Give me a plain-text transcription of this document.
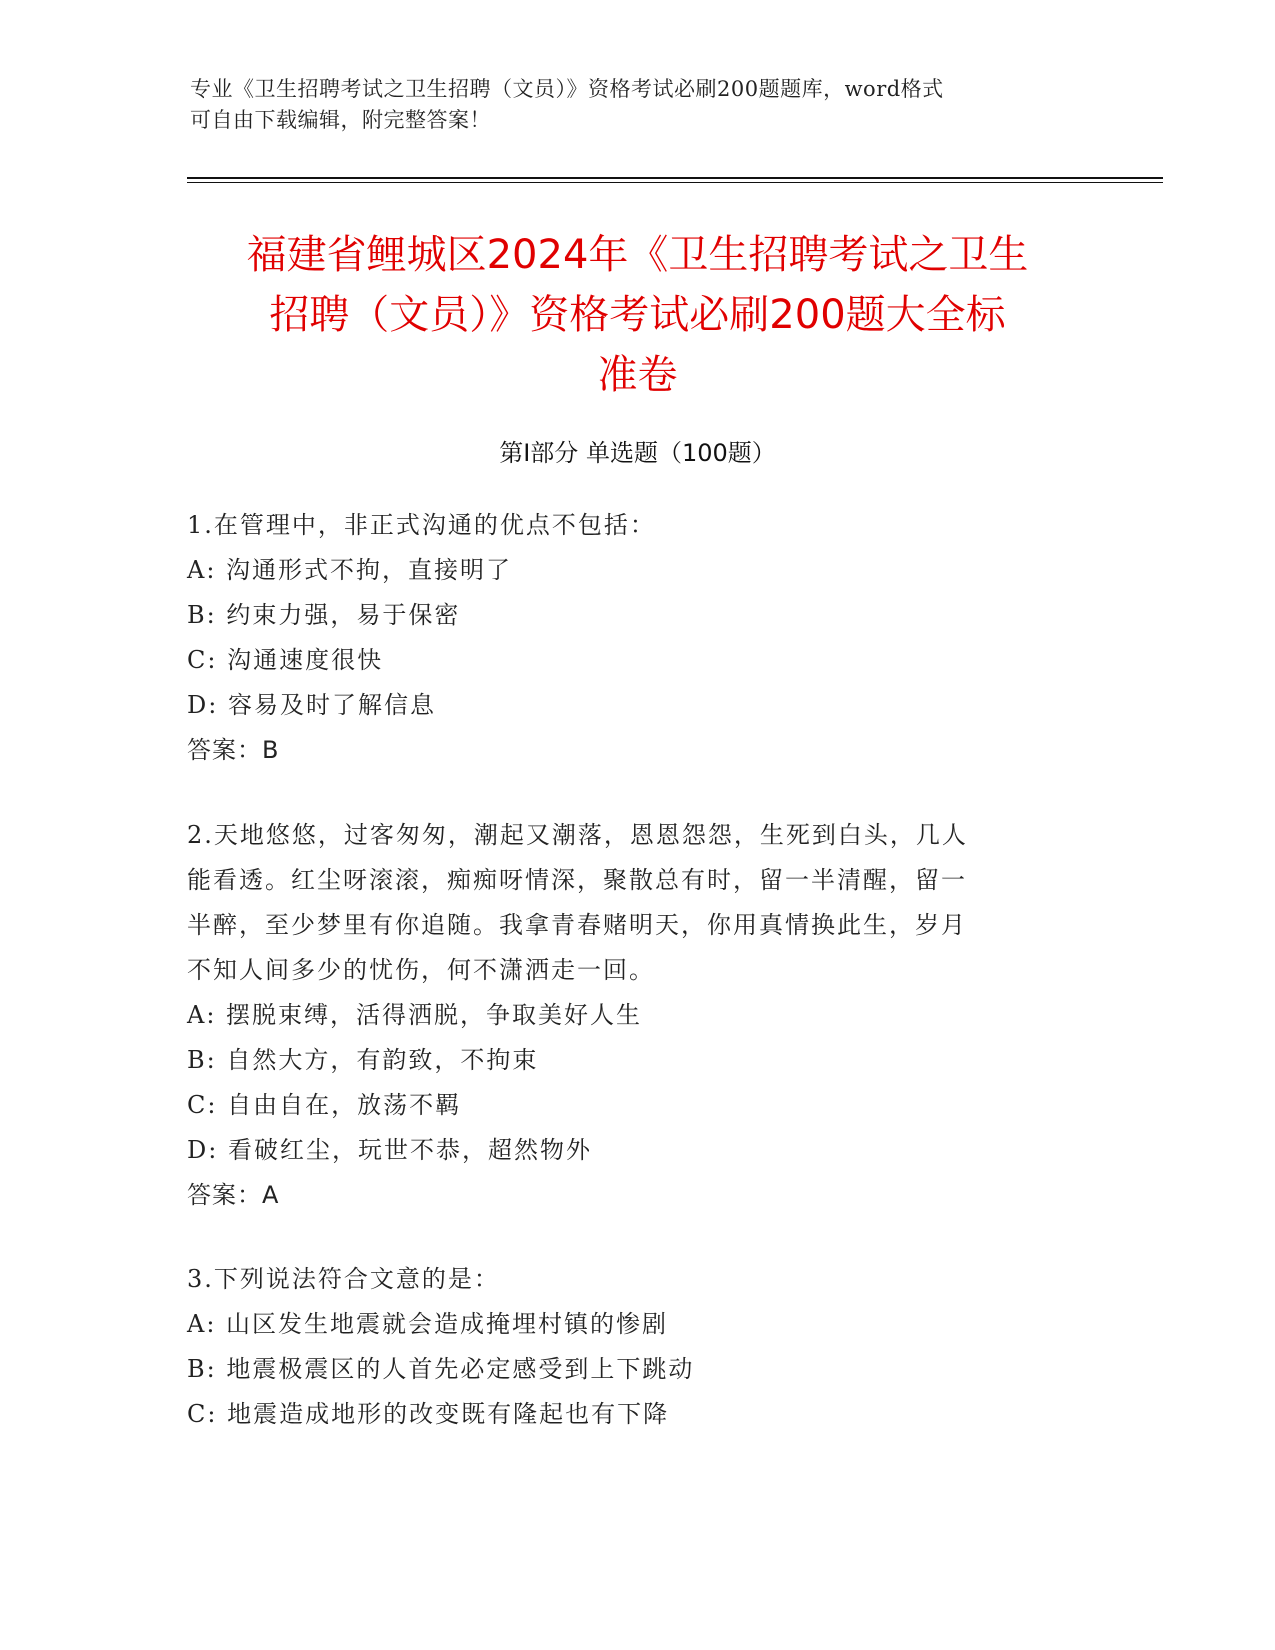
专业《卫生招聘考试之卫生招聘（文员）》资格考试必刷200题题库，word格式
可自由下载编辑，附完整答案！
福建省鲤城区2024年《卫生招聘考试之卫生
招聘（文员）》资格考试必刷200题大全标
准卷
第Ⅰ部分 单选题（100题）
1.在管理中，非正式沟通的优点不包括：
A: 沟通形式不拘，直接明了
B: 约束力强，易于保密
C: 沟通速度很快
D: 容易及时了解信息
答案：B
2.天地悠悠，过客匆匆，潮起又潮落，恩恩怨怨，生死到白头，几人
能看透。红尘呀滚滚，痴痴呀情深，聚散总有时，留一半清醒，留一
半醉，至少梦里有你追随。我拿青春赌明天，你用真情换此生，岁月
不知人间多少的忧伤，何不潇洒走一回。
A: 摆脱束缚，活得洒脱，争取美好人生
B: 自然大方，有韵致，不拘束
C: 自由自在，放荡不羁
D: 看破红尘，玩世不恭，超然物外
答案：A
3.下列说法符合文意的是：
A: 山区发生地震就会造成掩埋村镇的惨剧
B: 地震极震区的人首先必定感受到上下跳动
C: 地震造成地形的改变既有隆起也有下降
